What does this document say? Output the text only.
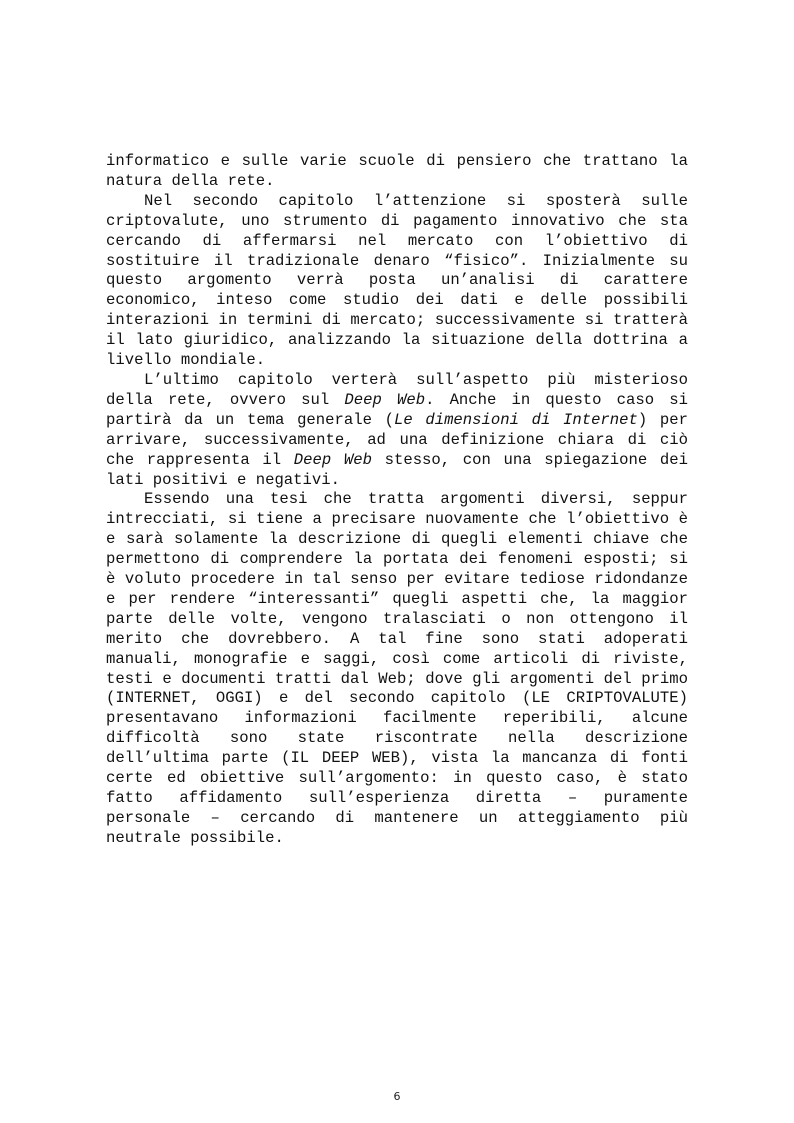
informatico e sulle varie scuole di pensiero che trattano la natura della rete.

Nel secondo capitolo l’attenzione si sposterà sulle criptovalute, uno strumento di pagamento innovativo che sta cercando di affermarsi nel mercato con l’obiettivo di sostituire il tradizionale denaro “fisico”. Inizialmente su questo argomento verrà posta un’analisi di carattere economico, inteso come studio dei dati e delle possibili interazioni in termini di mercato; successivamente si tratterà il lato giuridico, analizzando la situazione della dottrina a livello mondiale.

L’ultimo capitolo verterà sull’aspetto più misterioso della rete, ovvero sul Deep Web. Anche in questo caso si partirà da un tema generale (Le dimensioni di Internet) per arrivare, successivamente, ad una definizione chiara di ciò che rappresenta il Deep Web stesso, con una spiegazione dei lati positivi e negativi.

Essendo una tesi che tratta argomenti diversi, seppur intrecciati, si tiene a precisare nuovamente che l’obiettivo è e sarà solamente la descrizione di quegli elementi chiave che permettono di comprendere la portata dei fenomeni esposti; si è voluto procedere in tal senso per evitare tediose ridondanze e per rendere “interessanti” quegli aspetti che, la maggior parte delle volte, vengono tralasciati o non ottengono il merito che dovrebbero. A tal fine sono stati adoperati manuali, monografie e saggi, così come articoli di riviste, testi e documenti tratti dal Web; dove gli argomenti del primo (INTERNET, OGGI) e del secondo capitolo (LE CRIPTOVALUTE) presentavano informazioni facilmente reperibili, alcune difficoltà sono state riscontrate nella descrizione dell’ultima parte (IL DEEP WEB), vista la mancanza di fonti certe ed obiettive sull’argomento: in questo caso, è stato fatto affidamento sull’esperienza diretta – puramente personale – cercando di mantenere un atteggiamento più neutrale possibile.

6
